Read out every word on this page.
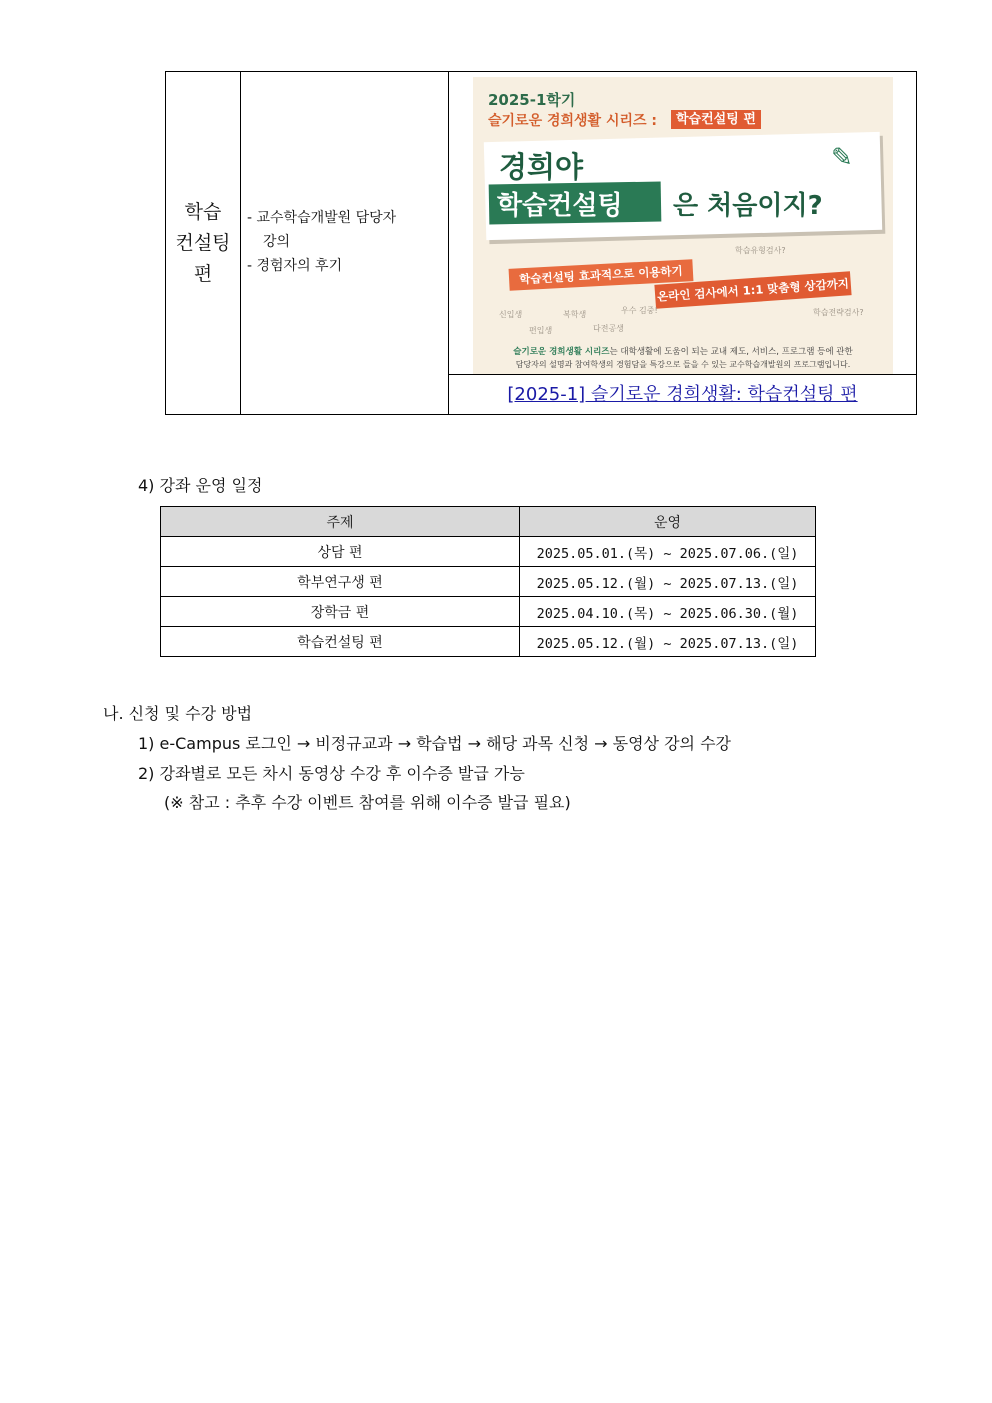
학습
컨설팅
편

- 교수학습개발원 담당자
강의
- 경험자의 후기

2025-1학기
슬기로운 경희생활 시리즈 :	학습컨설팅 편
경희야
학습컨설팅 은 처음이지?
✎
학습유형검사?
학습컨설팅 효과적으로 이용하기
온라인 검사에서 1:1 맞춤형 상감까지
신입생	복학생	우수 김중!
다전공생
편입생
학습전략검사?
슬기로운 경희생활 시리즈는 대학생활에 도움이 되는 교내 제도, 서비스, 프로그램 등에 관한
담당자의 설명과 참여학생의 경험담을 특강으로 들을 수 있는 교수학습개발원의 프로그램입니다.
[2025-1] 슬기로운 경희생활: 학습컨설팅 편
4) 강좌 운영 일정
주제	운영
상담 편	2025.05.01.(목) ~ 2025.07.06.(일)
학부연구생 편	2025.05.12.(월) ~ 2025.07.13.(일)
장학금 편	2025.04.10.(목) ~ 2025.06.30.(월)
학습컨설팅 편	2025.05.12.(월) ~ 2025.07.13.(일)
나. 신청 및 수강 방법
1) e-Campus 로그인 → 비정규교과 → 학습법 → 해당 과목 신청 → 동영상 강의 수강
2) 강좌별로 모든 차시 동영상 수강 후 이수증 발급 가능
(※ 참고 : 추후 수강 이벤트 참여를 위해 이수증 발급 필요)
